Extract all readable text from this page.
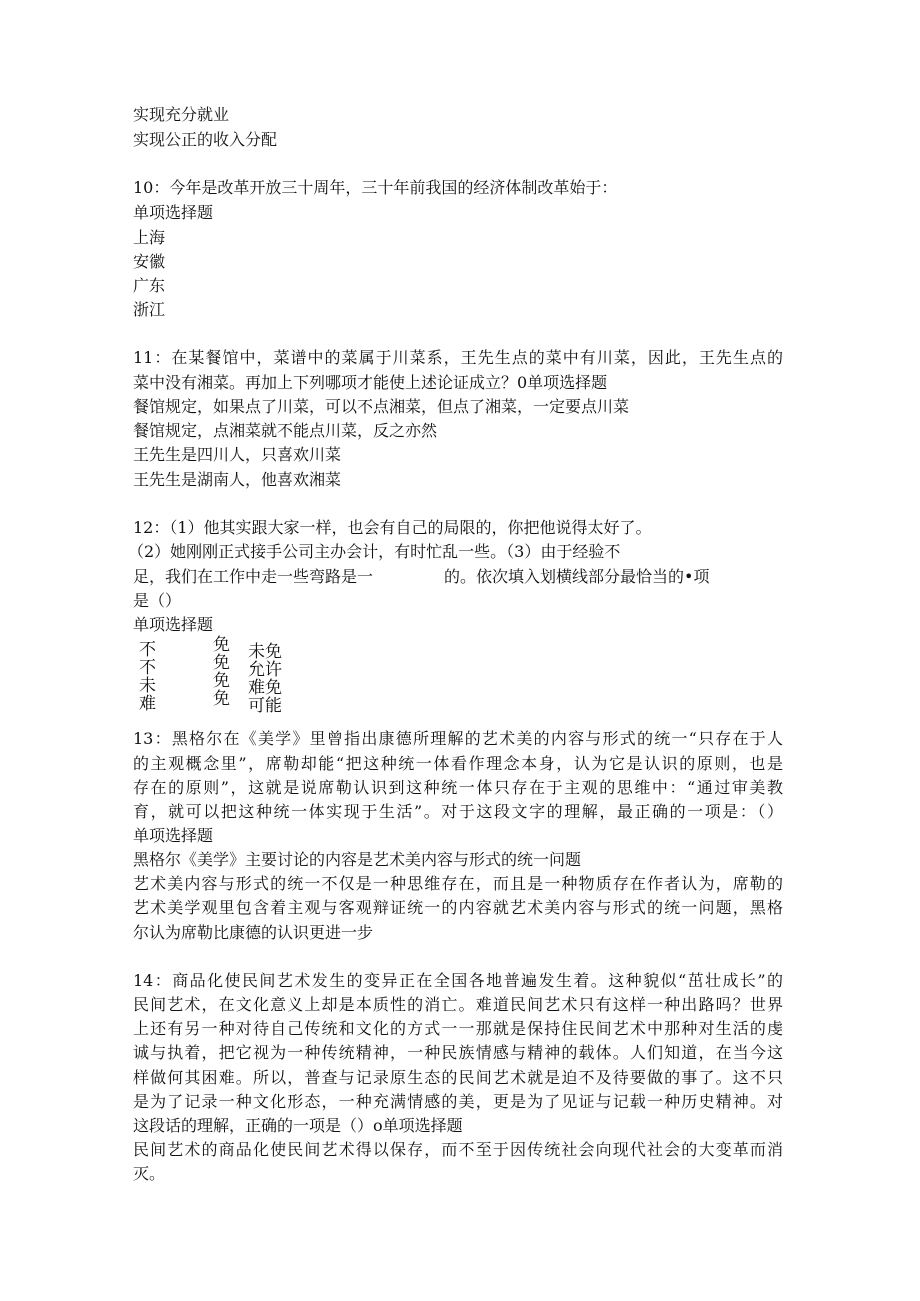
实现充分就业
实现公正的收入分配
10：今年是改革开放三十周年，三十年前我国的经济体制改革始于：
单项选择题
上海
安徽
广东
浙江
11：在某餐馆中，菜谱中的菜属于川菜系，王先生点的菜中有川菜，因此，王先生点的
菜中没有湘菜。再加上下列哪项才能使上述论证成立？0单项选择题
餐馆规定，如果点了川菜，可以不点湘菜，但点了湘菜，一定要点川菜
餐馆规定，点湘菜就不能点川菜，反之亦然
王先生是四川人，只喜欢川菜
王先生是湖南人，他喜欢湘菜
12：（1）他其实跟大家一样，也会有自己的局限的，你把他说得太好了。
（2）她刚刚正式接手公司主办会计，有时忙乱一些。（3）由于经验不
足，我们在工作中走一些弯路是一	的。依次填入划横线部分最恰当的•项
是（）
单项选择题
不
不
未
难
免
免
免
免
未免
允许
难免
可能
13：黑格尔在《美学》里曾指出康德所理解的艺术美的内容与形式的统一“只存在于人
的主观概念里”，席勒却能“把这种统一体看作理念本身，认为它是认识的原则，也是
存在的原则”，这就是说席勒认识到这种统一体只存在于主观的思维中：“通过审美教
育，就可以把这种统一体实现于生活”。对于这段文字的理解，最正确的一项是：（）
单项选择题
黑格尔《美学》主要讨论的内容是艺术美内容与形式的统一问题
艺术美内容与形式的统一不仅是一种思维存在，而且是一种物质存在作者认为，席勒的
艺术美学观里包含着主观与客观辩证统一的内容就艺术美内容与形式的统一问题，黑格
尔认为席勒比康德的认识更进一步
14：商品化使民间艺术发生的变异正在全国各地普遍发生着。这种貌似“茁壮成长”的
民间艺术，在文化意义上却是本质性的消亡。难道民间艺术只有这样一种出路吗？世界
上还有另一种对待自己传统和文化的方式一一那就是保持住民间艺术中那种对生活的虔
诚与执着，把它视为一种传统精神，一种民族情感与精神的载体。人们知道，在当今这
样做何其困难。所以，普查与记录原生态的民间艺术就是迫不及待要做的事了。这不只
是为了记录一种文化形态，一种充满情感的美，更是为了见证与记载一种历史精神。对
这段话的理解，正确的一项是（）o单项选择题
民间艺术的商品化使民间艺术得以保存，而不至于因传统社会向现代社会的大变革而消
灭。
